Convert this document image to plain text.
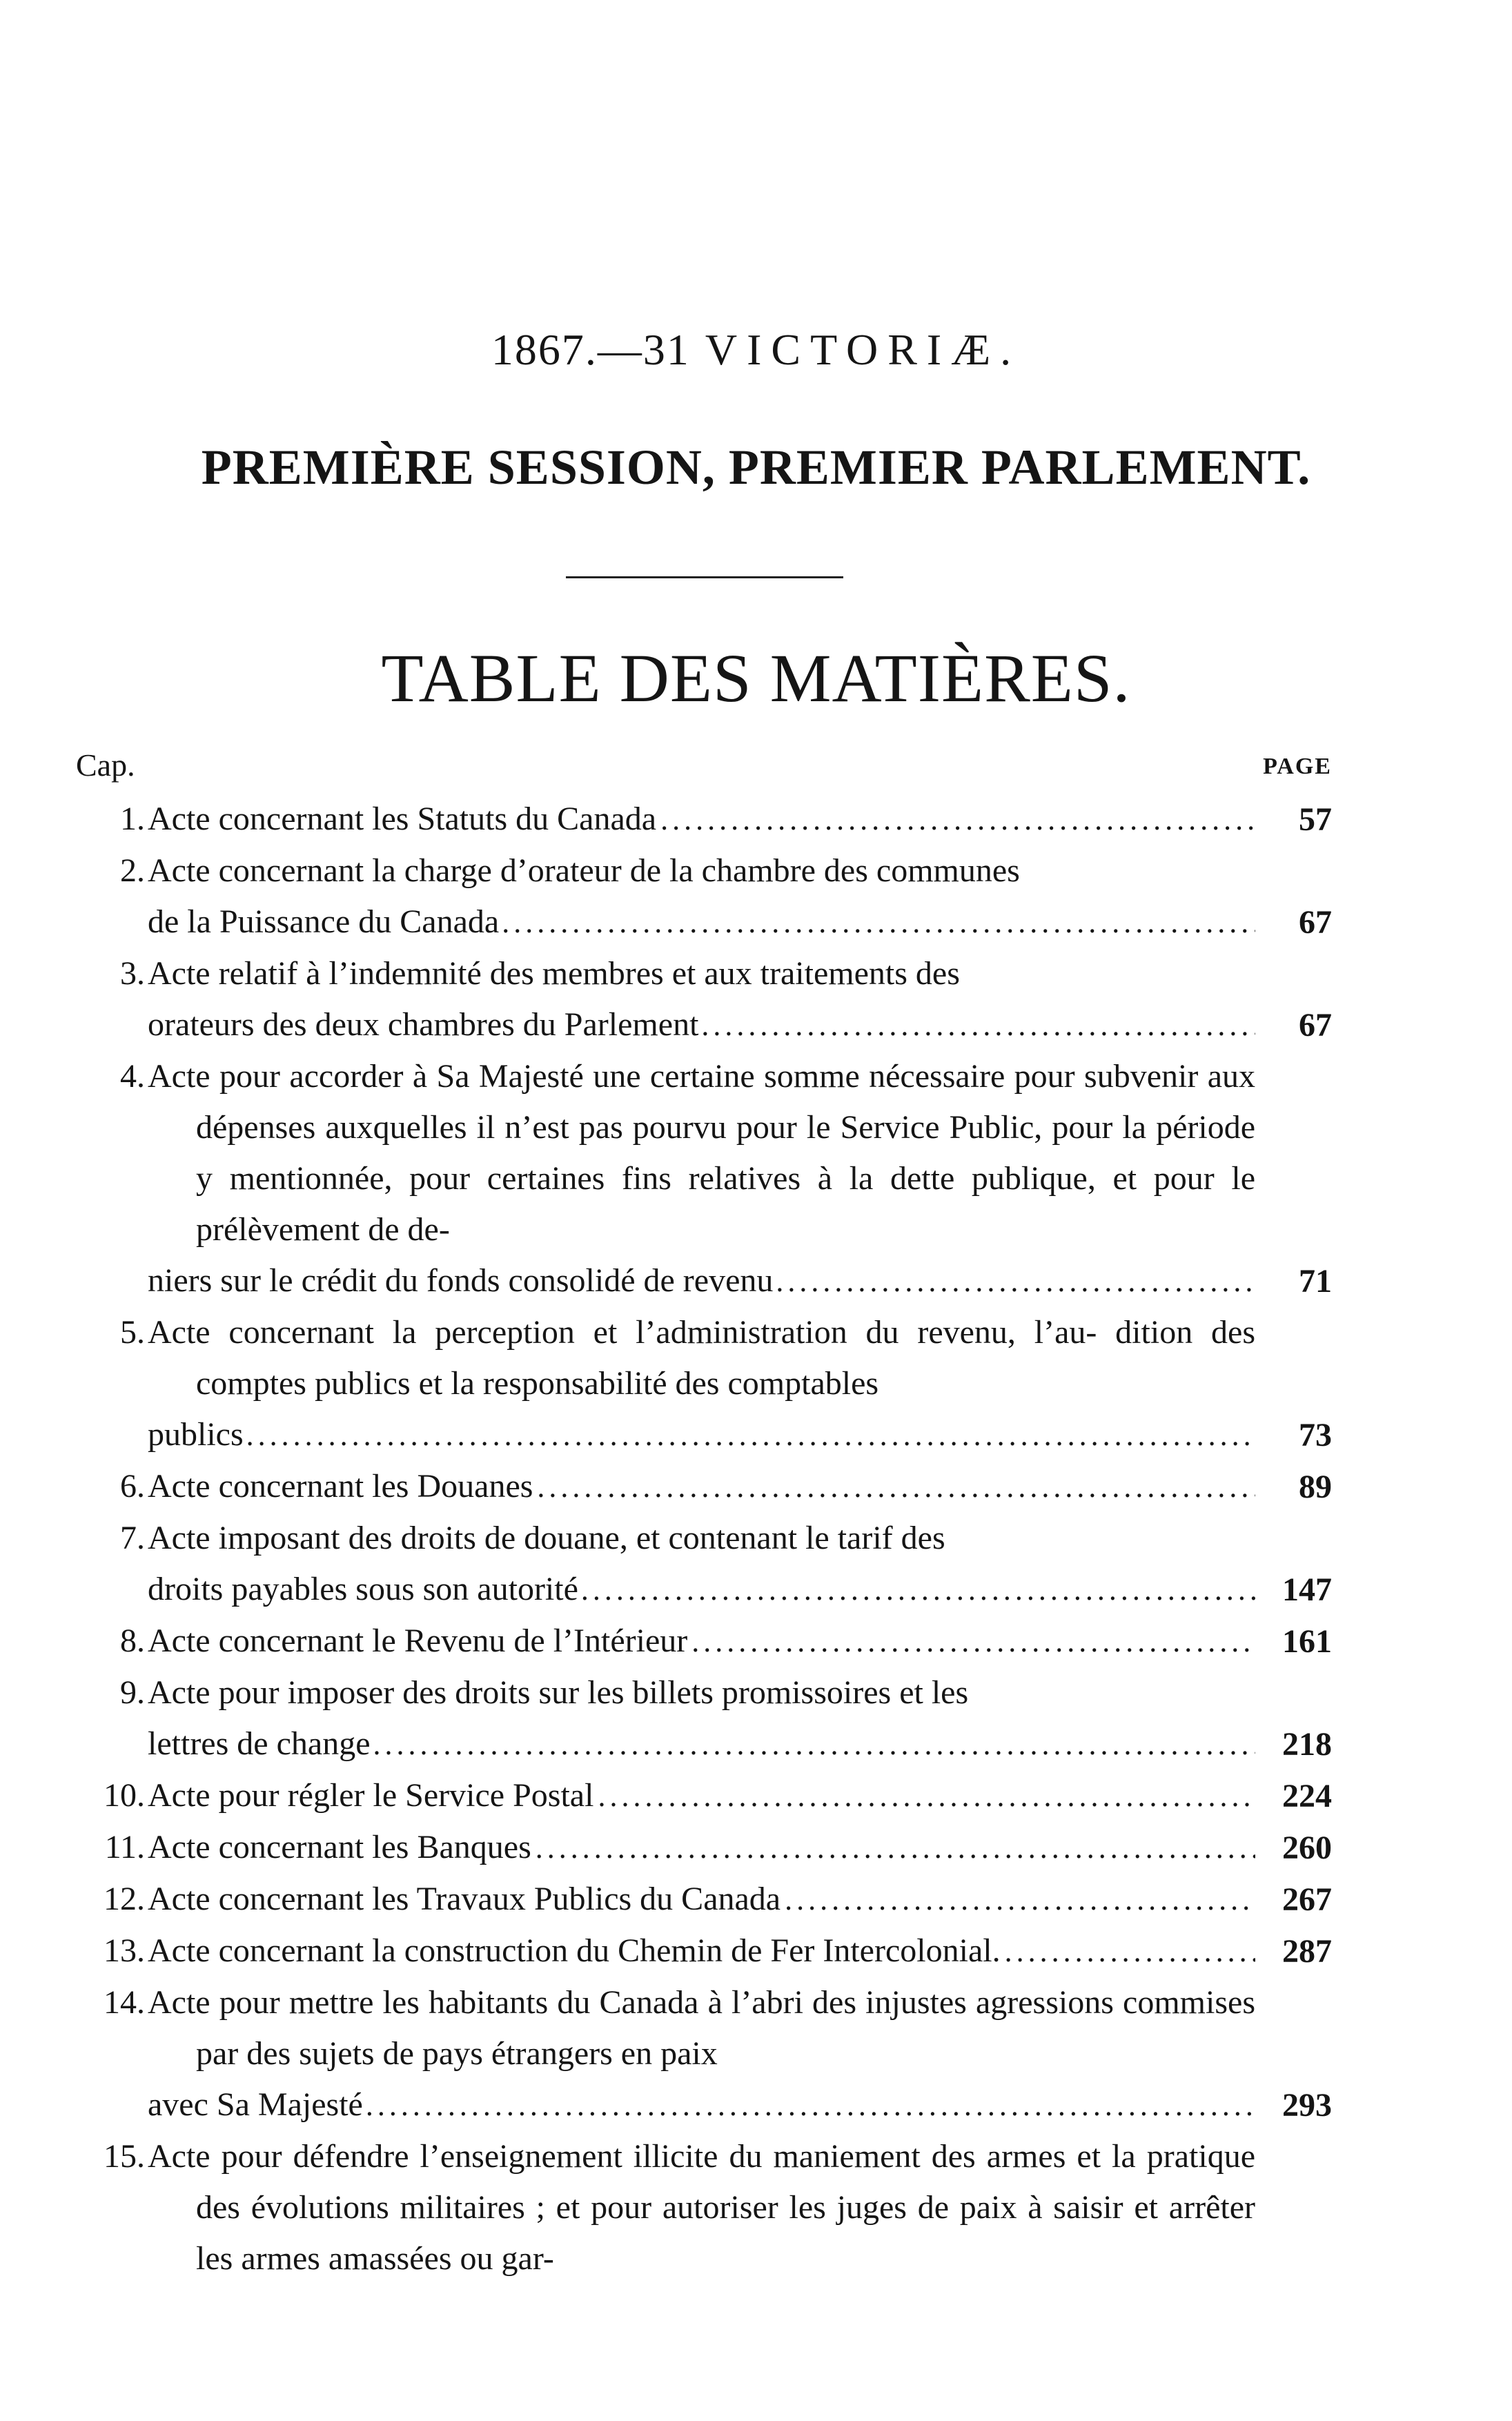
1867.—31 VICTORIÆ.
PREMIÈRE SESSION, PREMIER PARLEMENT.
TABLE DES MATIÈRES.
Cap.	PAGE
1. Acte concernant les Statuts du Canada .....	57
2. Acte concernant la charge d’orateur de la chambre des communes
de la Puissance du Canada .....	67
3. Acte relatif à l’indemnité des membres et aux traitements des
orateurs des deux chambres du Parlement .....	67
4. Acte pour accorder à Sa Majesté une certaine somme nécessaire pour subvenir aux dépenses auxquelles il n’est pas pourvu pour le Service Public, pour la période y mentionnée, pour certaines fins relatives à la dette publique, et pour le prélèvement de de-
niers sur le crédit du fonds consolidé de revenu .....	71
5. Acte concernant la perception et l’administration du revenu, l’au- dition des comptes publics et la responsabilité des comptables
publics .....	73
6. Acte concernant les Douanes .....	89
7. Acte imposant des droits de douane, et contenant le tarif des
droits payables sous son autorité .....	147
8. Acte concernant le Revenu de l’Intérieur .....	161
9. Acte pour imposer des droits sur les billets promissoires et les
lettres de change .....	218
10. Acte pour régler le Service Postal .....	224
11. Acte concernant les Banques .....	260
12. Acte concernant les Travaux Publics du Canada .....	267
13. Acte concernant la construction du Chemin de Fer Intercolonial. .....	287
14. Acte pour mettre les habitants du Canada à l’abri des injustes agressions commises par des sujets de pays étrangers en paix
avec Sa Majesté .....	293
15. Acte pour défendre l’enseignement illicite du maniement des armes et la pratique des évolutions militaires ; et pour autoriser les juges de paix à saisir et arrêter les armes amassées ou gar-
